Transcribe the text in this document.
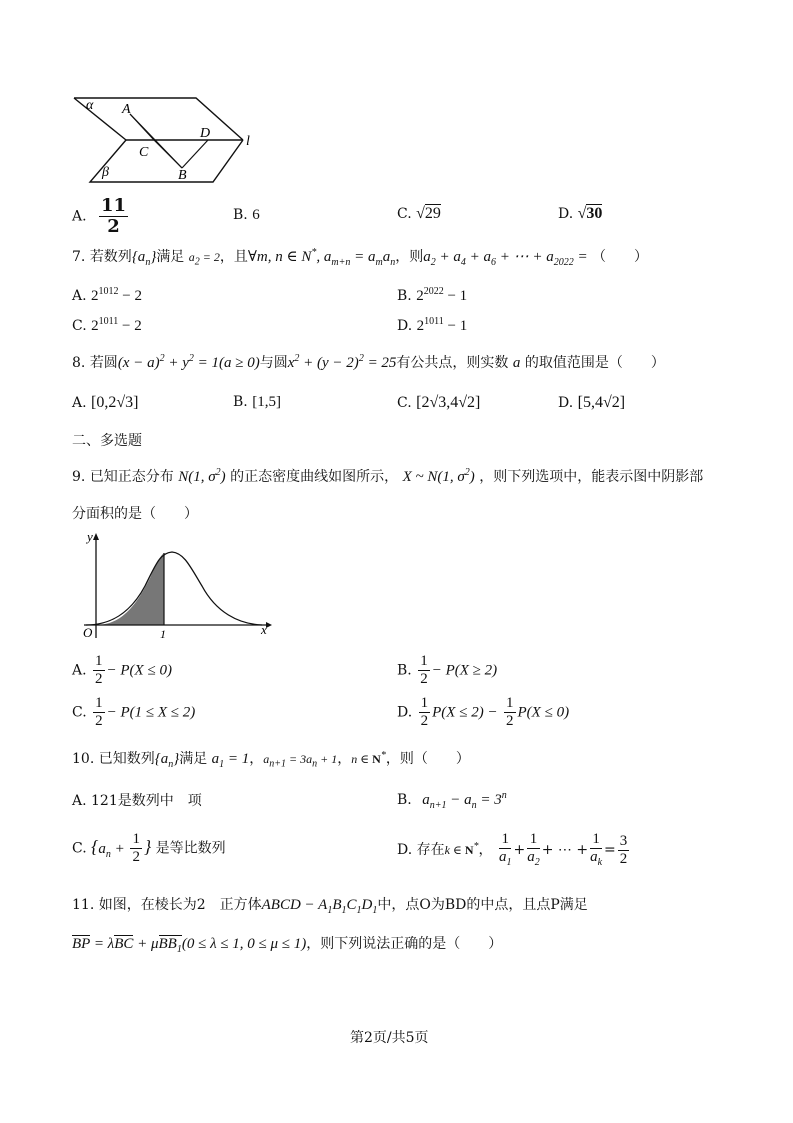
α A
D
l
C
β	B
A. $\frac{11}{2}$	B. 6	C. √29	D. √30
7. 若数列$\{a_n\}$满足 $a_2 = 2$，且∀m, n ∈ N*, $a_{m+n} = a_ma_n$，则$a_2 + a_4 + a_6$ + ⋯ + $a_{2022}$ = （　　）
A. $2^{1012} - 2$	B. $2^{2022} - 1$
C. $2^{1011} - 2$	D. $2^{1011} - 1$
8. 若圆$(x - a)^2 + y^2 = 1(a \ge 0)$与圆$x^2 + (y - 2)^2 = 25$有公共点，则实数 a 的取值范围是（　　）
A. [0,2√3]	B. [1,5]	C. [2√3,4√2]	D. [5,4√2]
二、多选题
9. 已知正态分布 N(1, $\sigma^2$) 的正态密度曲线如图所示， X ~ N(1, $\sigma^2$) ，则下列选项中，能表示图中阴影部
分面积的是（　　）
y
O	1	x
A. $\frac{1}{2} - P(X \le 0)$	B. $\frac{1}{2} - P(X \ge 2)$
C. $\frac{1}{2} - P(1 \le X \le 2)$	D. $\frac{1}{2} P(X \le 2) - \frac{1}{2} P(X \le 0)$
10. 已知数列$\{a_n\}$满足 $a_1 = 1$，$a_{n+1} = 3a_n + 1$，n ∈ N*，则（　　）
A. 121是数列中　项	B. $a_{n+1} - a_n = 3^n$
C. {$a_n + \frac{1}{2}$ } 是等比数列	D. 存在k ∈ N*， $\frac{1}{a_1} + \frac{1}{a_2}$ + ⋯ + $\frac{1}{a_k} = \frac{3}{2}$
11. 如图，在棱长为2　正方体ABCD − $A_1B_1C_1D_1$中，点O为BD的中点，且点P满足
BP = λBC + μBB$_1$(0 ≤ λ ≤ 1, 0 ≤ μ ≤ 1)，则下列说法正确的是（　　）
第2页/共5页
